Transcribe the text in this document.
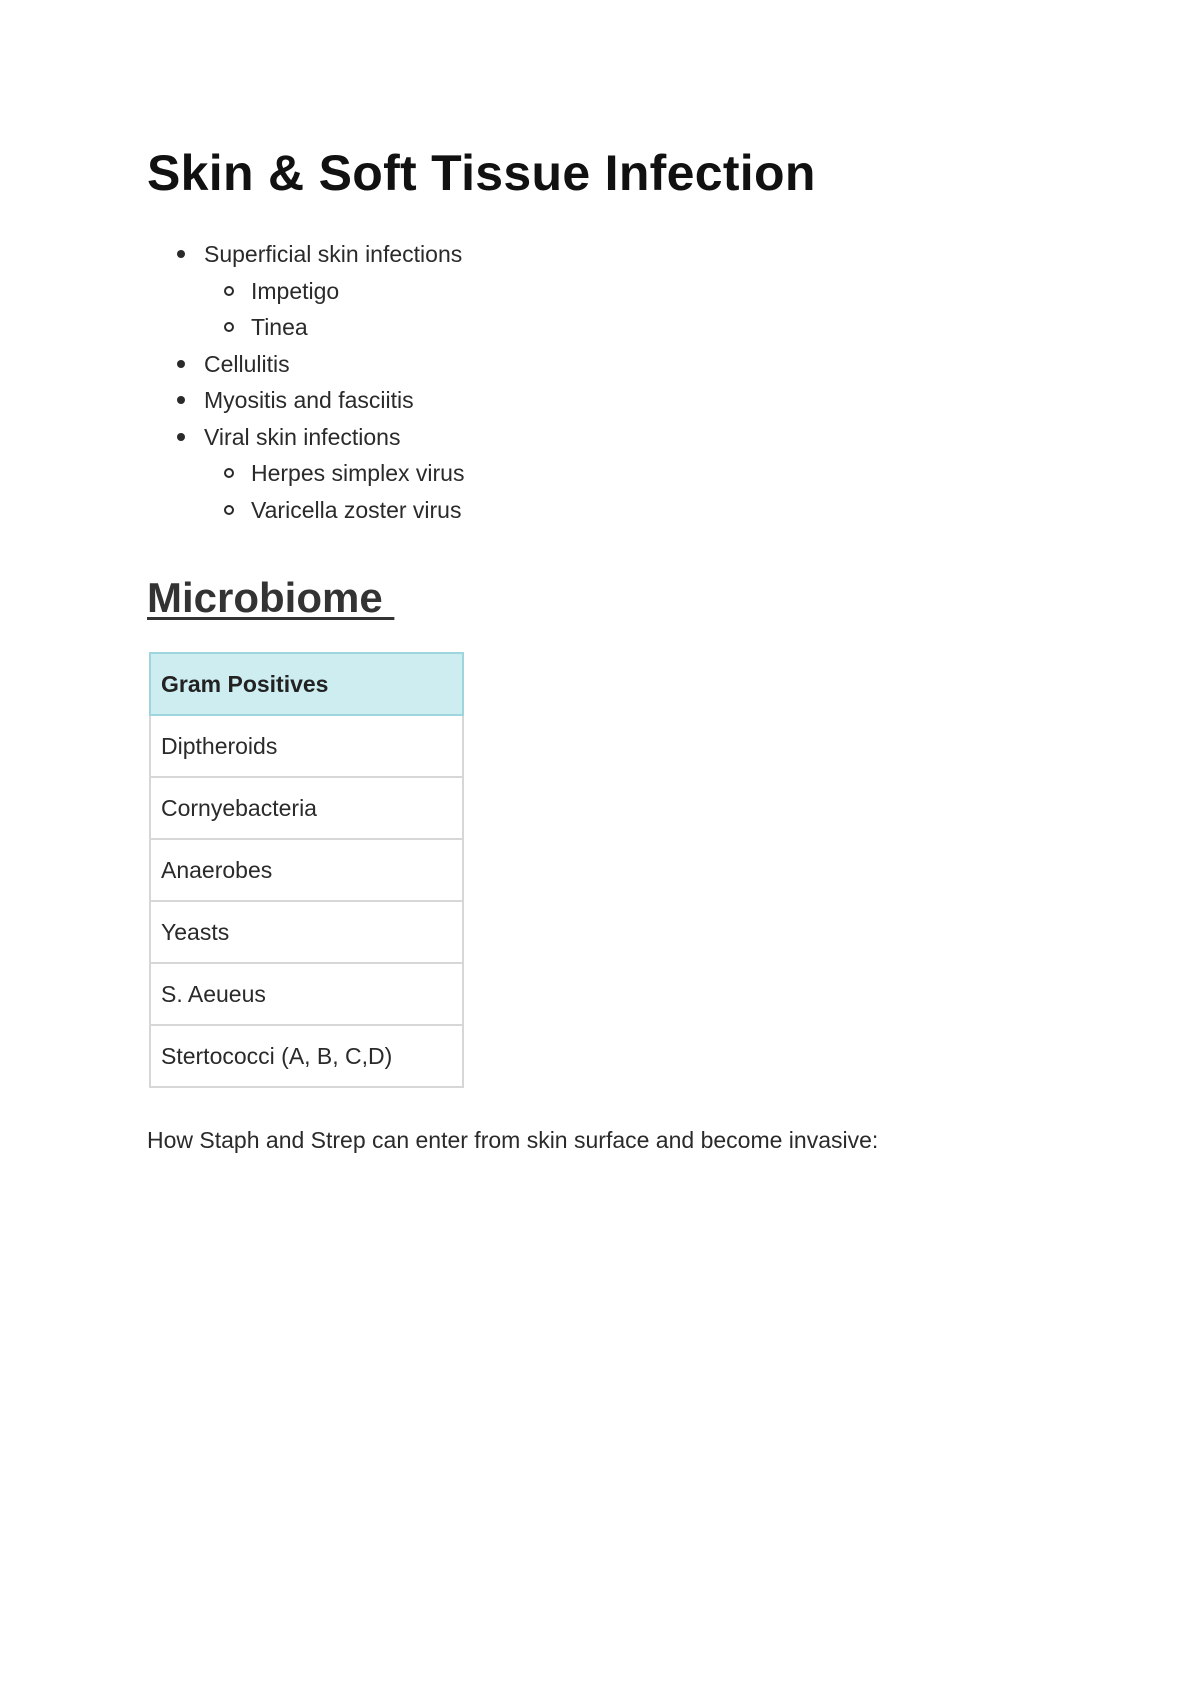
Skin & Soft Tissue Infection
Superficial skin infections
Impetigo
Tinea
Cellulitis
Myositis and fasciitis
Viral skin infections
Herpes simplex virus
Varicella zoster virus
Microbiome
Gram Positives
Diptheroids
Cornyebacteria
Anaerobes
Yeasts
S. Aeueus
Stertococci (A, B, C,D)

How Staph and Strep can enter from skin surface and become invasive:
